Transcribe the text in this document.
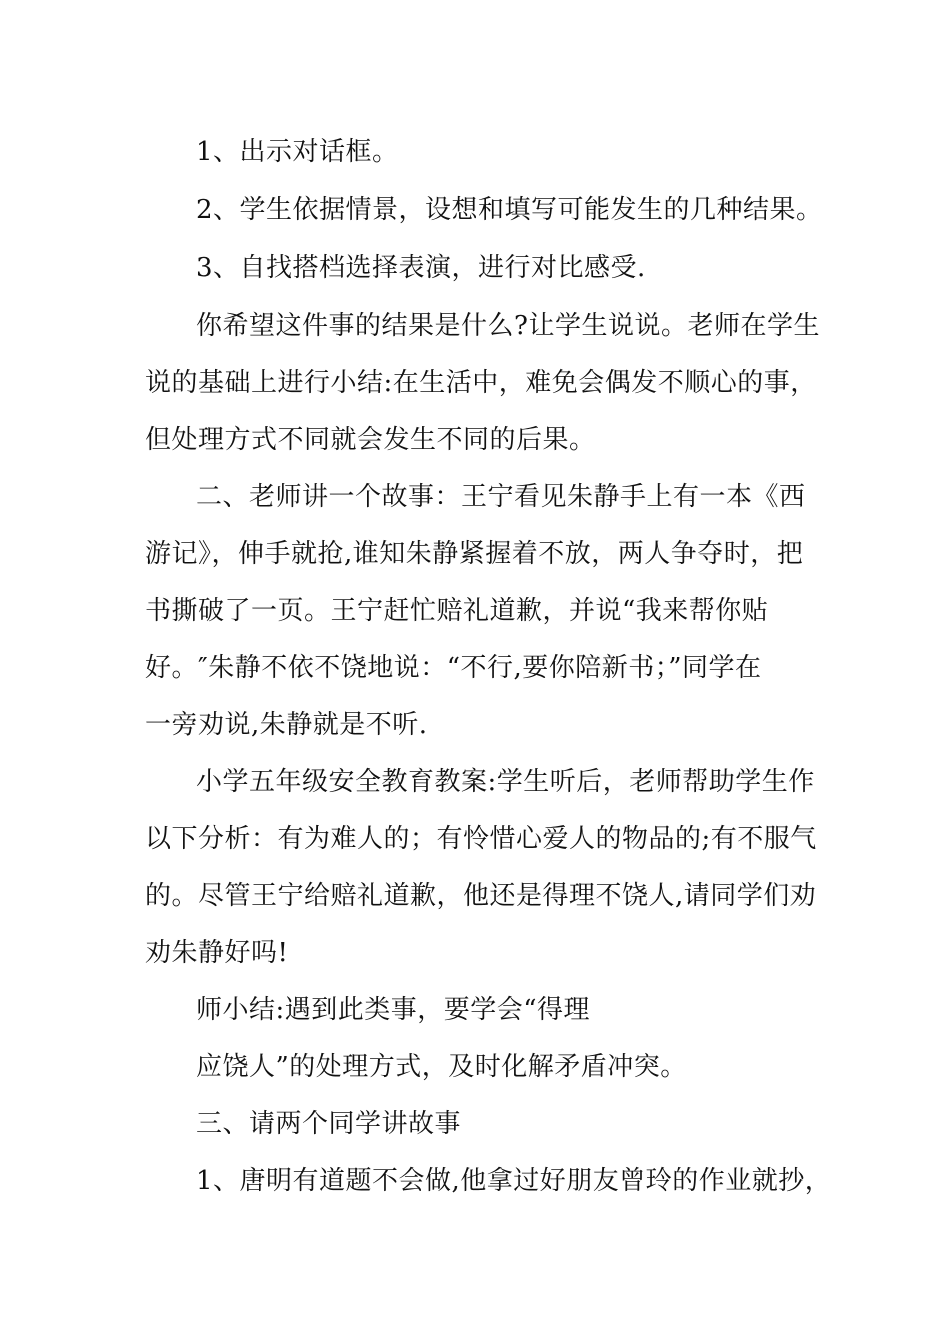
1、出示对话框。
2、学生依据情景，设想和填写可能发生的几种结果。
3、自找搭档选择表演，进行对比感受.
你希望这件事的结果是什么?让学生说说。老师在学生
说的基础上进行小结:在生活中，难免会偶发不顺心的事，
但处理方式不同就会发生不同的后果。
二、老师讲一个故事：王宁看见朱静手上有一本《西
游记》，伸手就抢,谁知朱静紧握着不放，两人争夺时，把
书撕破了一页。王宁赶忙赔礼道歉，并说“我来帮你贴
好。″朱静不依不饶地说：“不行,要你陪新书；”同学在
一旁劝说,朱静就是不听.
小学五年级安全教育教案:学生听后，老师帮助学生作
以下分析：有为难人的；有怜惜心爱人的物品的;有不服气
的。尽管王宁给赔礼道歉，他还是得理不饶人,请同学们劝
劝朱静好吗!
师小结:遇到此类事，要学会“得理
应饶人”的处理方式，及时化解矛盾冲突。
三、请两个同学讲故事
1、唐明有道题不会做,他拿过好朋友曾玲的作业就抄，
